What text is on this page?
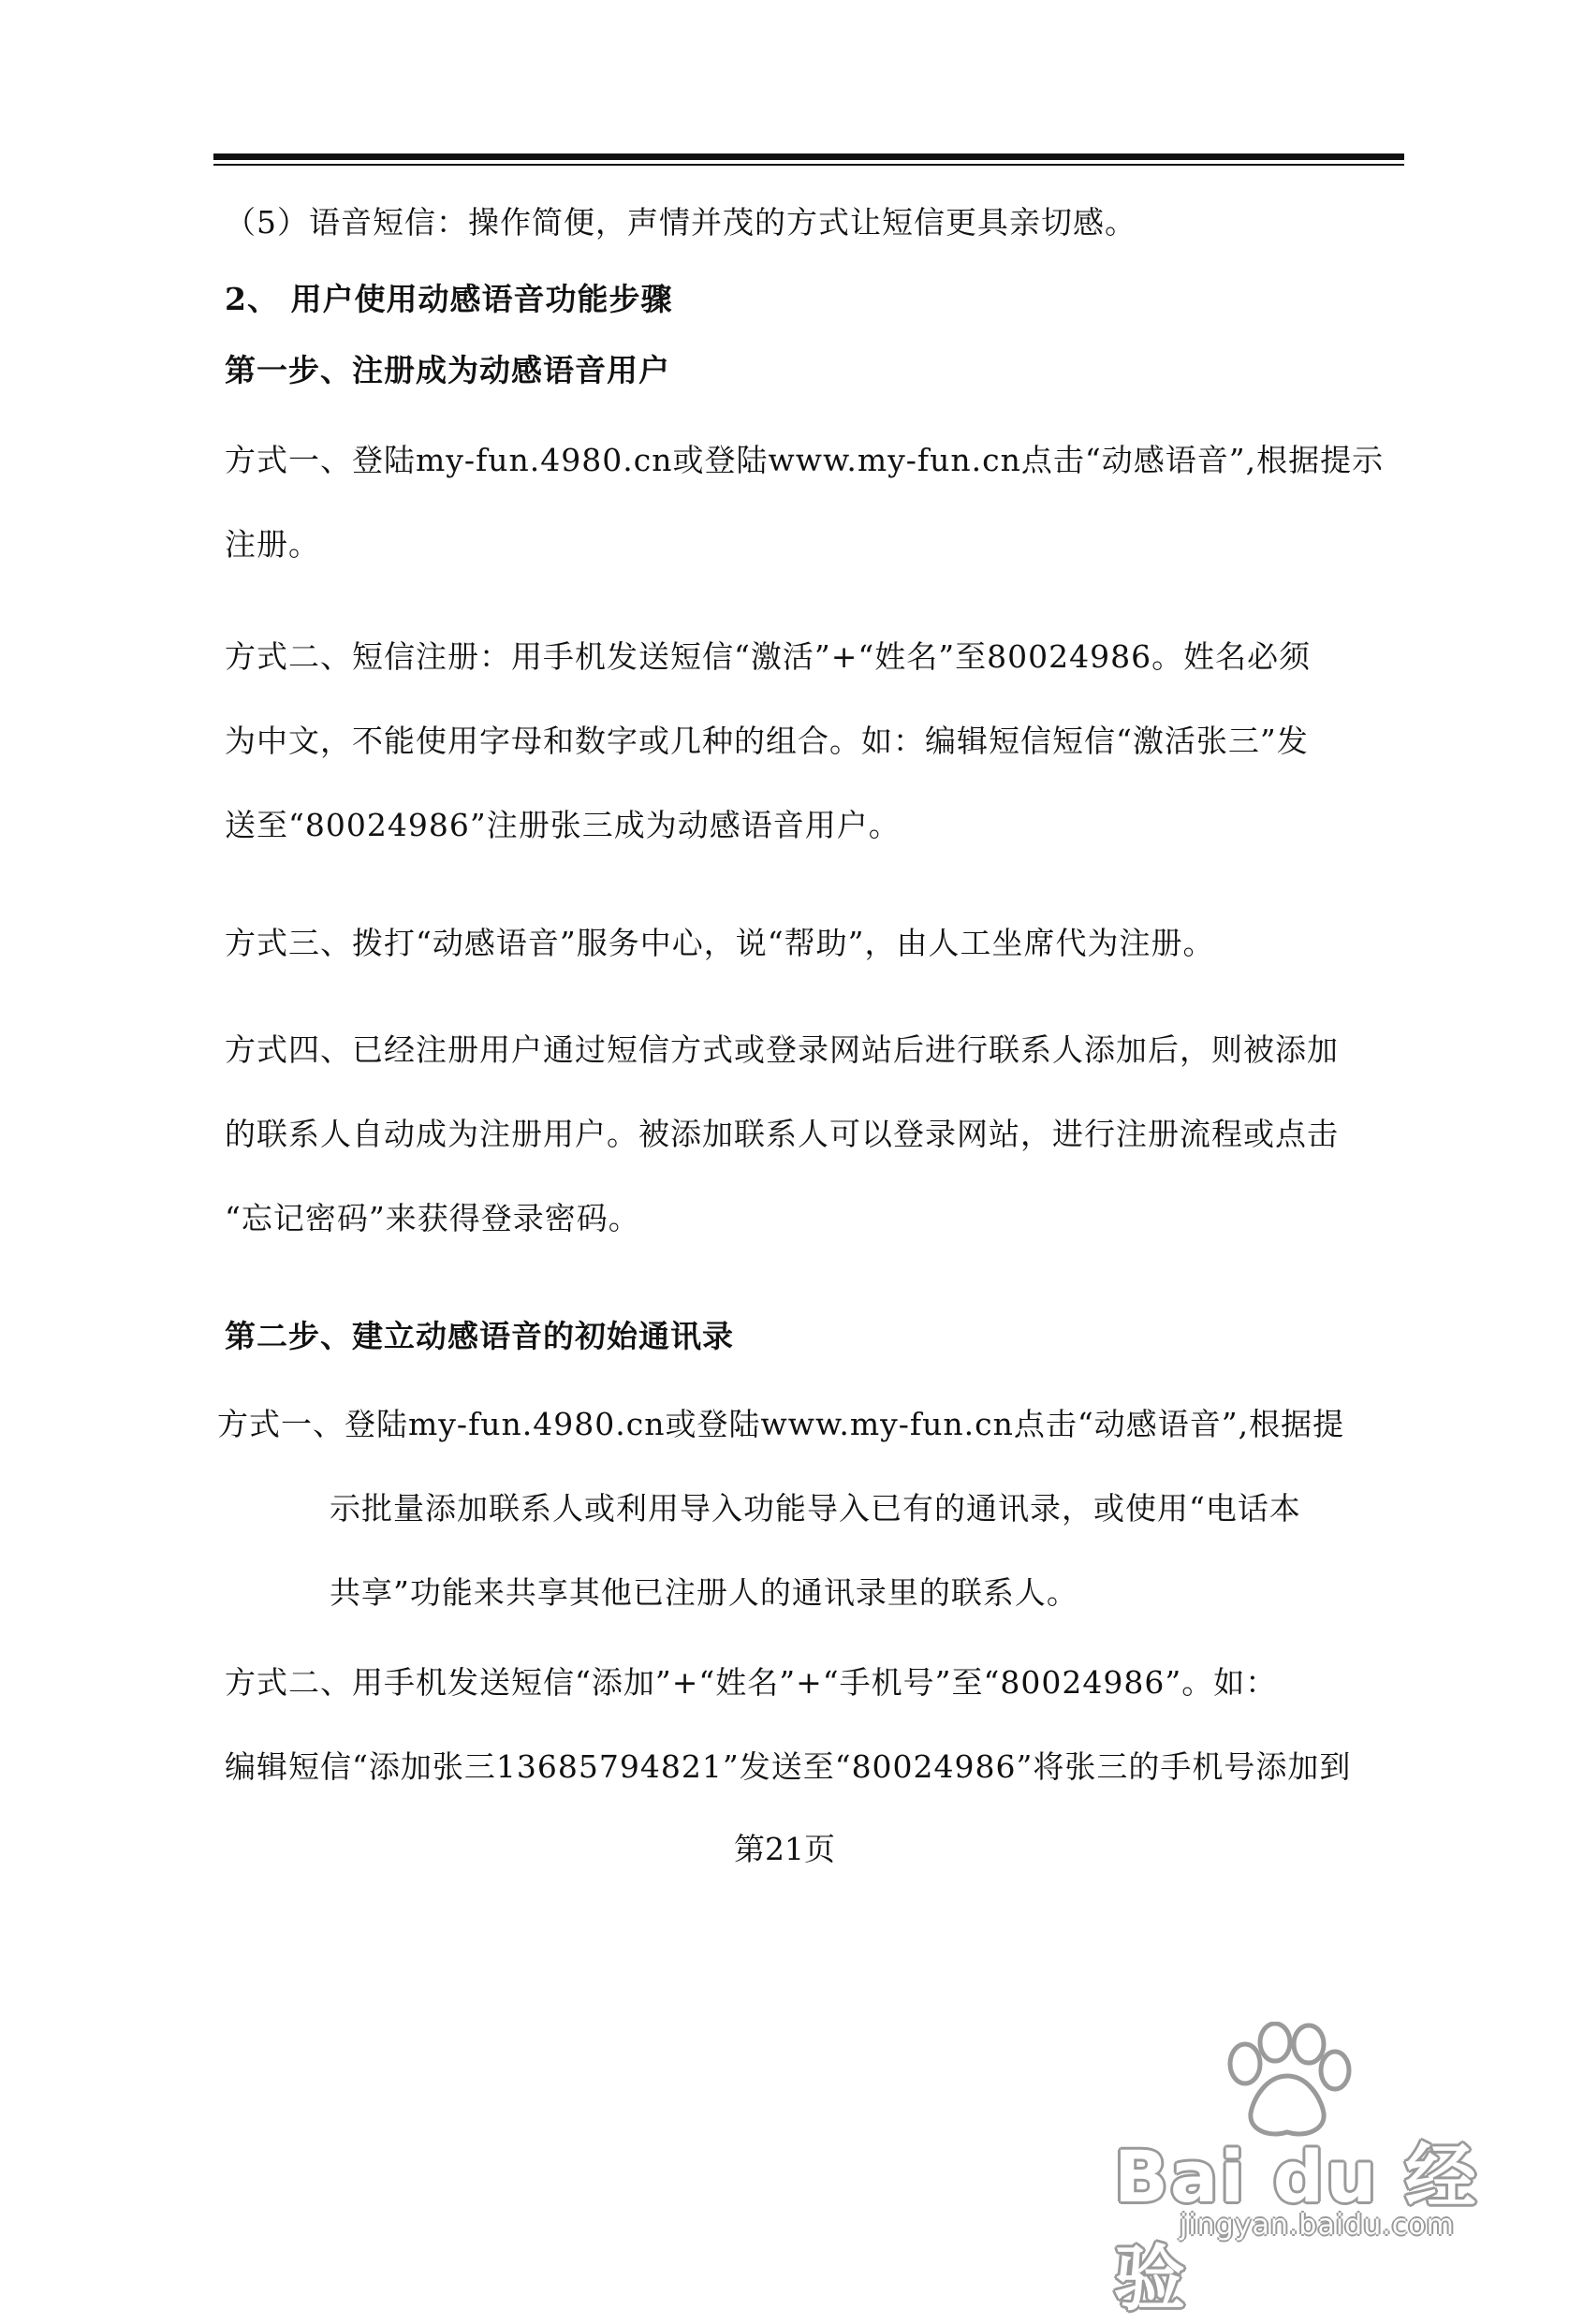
（5）语音短信：操作简便，声情并茂的方式让短信更具亲切感。
2、 用户使用动感语音功能步骤
第一步、注册成为动感语音用户
方式一、登陆my-fun.4980.cn或登陆www.my-fun.cn点击“动感语音”,根据提示
注册。
方式二、短信注册：用手机发送短信“激活”+“姓名”至80024986。姓名必须
为中文，不能使用字母和数字或几种的组合。如：编辑短信短信“激活张三”发
送至“80024986”注册张三成为动感语音用户。
方式三、拨打“动感语音”服务中心，说“帮助”，由人工坐席代为注册。
方式四、已经注册用户通过短信方式或登录网站后进行联系人添加后，则被添加
的联系人自动成为注册用户。被添加联系人可以登录网站，进行注册流程或点击
“忘记密码”来获得登录密码。
第二步、建立动感语音的初始通讯录
方式一、登陆my-fun.4980.cn或登陆www.my-fun.cn点击“动感语音”,根据提
示批量添加联系人或利用导入功能导入已有的通讯录，或使用“电话本
共享”功能来共享其他已注册人的通讯录里的联系人。
方式二、用手机发送短信“添加”+“姓名”+“手机号”至“80024986”。如：
编辑短信“添加张三13685794821”发送至“80024986”将张三的手机号添加到
第21页
Bai du 经验
jingyan.baidu.com
